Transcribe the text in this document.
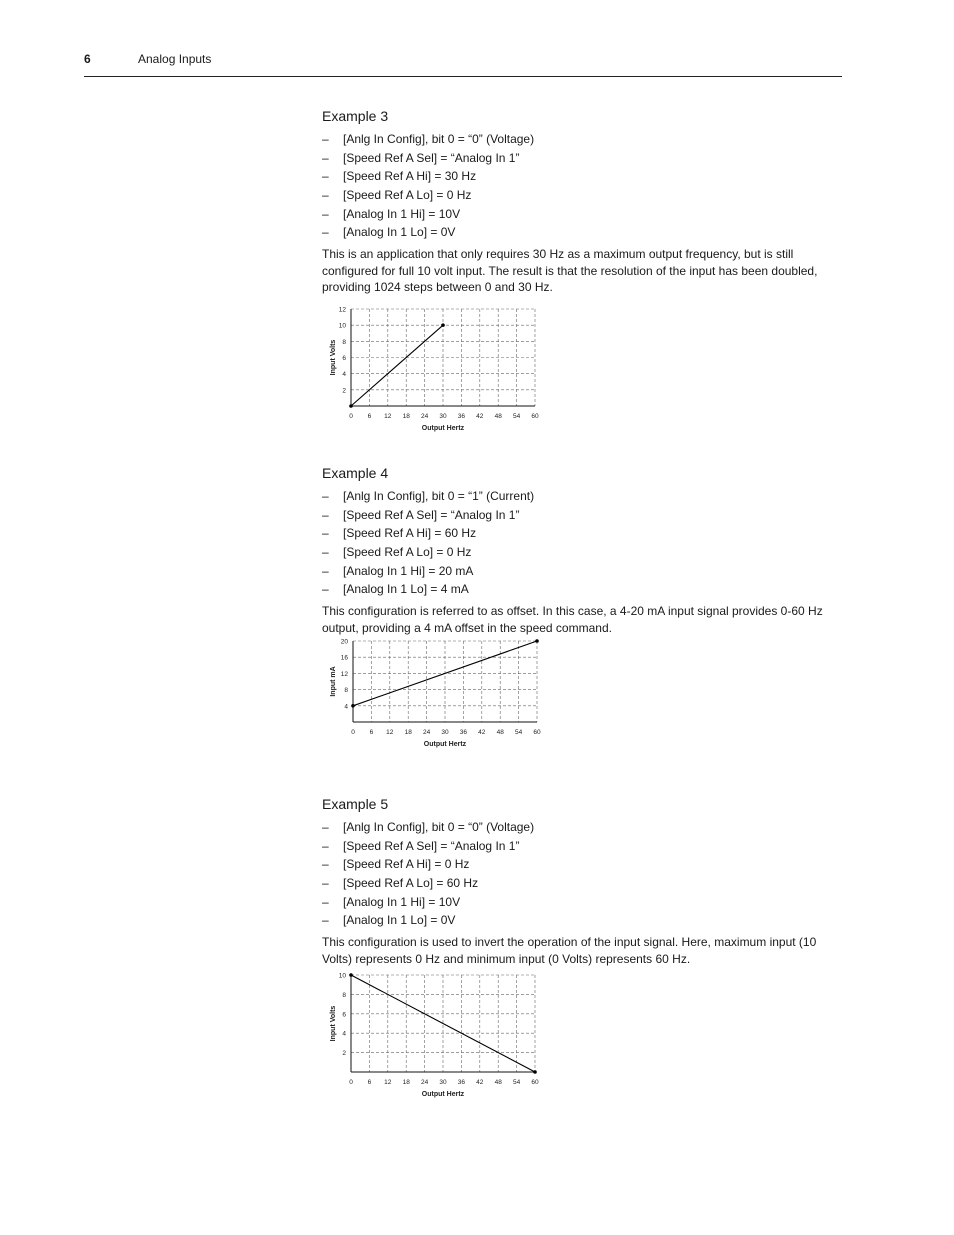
6	Analog Inputs
Example 3
– [Anlg In Config], bit 0 = “0” (Voltage)
– [Speed Ref A Sel] = “Analog In 1”
– [Speed Ref A Hi] = 30 Hz
– [Speed Ref A Lo] = 0 Hz
– [Analog In 1 Hi] = 10V
– [Analog In 1 Lo] = 0V

This is an application that only requires 30 Hz as a maximum output frequency, but is still configured for full 10 volt input. The result is that the resolution of the input has been doubled, providing 1024 steps between 0 and 30 Hz.

0 6 12 18 24 30 36 42 48 54 60
2
4
6
8
10
12
Output Hertz
Input Volts
Example 4
– [Anlg In Config], bit 0 = “1” (Current)
– [Speed Ref A Sel] = “Analog In 1”
– [Speed Ref A Hi] = 60 Hz
– [Speed Ref A Lo] = 0 Hz
– [Analog In 1 Hi] = 20 mA
– [Analog In 1 Lo] = 4 mA

This configuration is referred to as offset. In this case, a 4-20 mA input signal provides 0-60 Hz output, providing a 4 mA offset in the speed command.

0 6 12 18 24 30 36 42 48 54 60
4
8
12
16
20
Output Hertz
Input mA
Example 5
– [Anlg In Config], bit 0 = “0” (Voltage)
– [Speed Ref A Sel] = “Analog In 1”
– [Speed Ref A Hi] = 0 Hz
– [Speed Ref A Lo] = 60 Hz
– [Analog In 1 Hi] = 10V
– [Analog In 1 Lo] = 0V

This configuration is used to invert the operation of the input signal. Here, maximum input (10 Volts) represents 0 Hz and minimum input (0 Volts) represents 60 Hz.

0 6 12 18 24 30 36 42 48 54 60
2
4
6
8
10
Output Hertz
Input Volts
